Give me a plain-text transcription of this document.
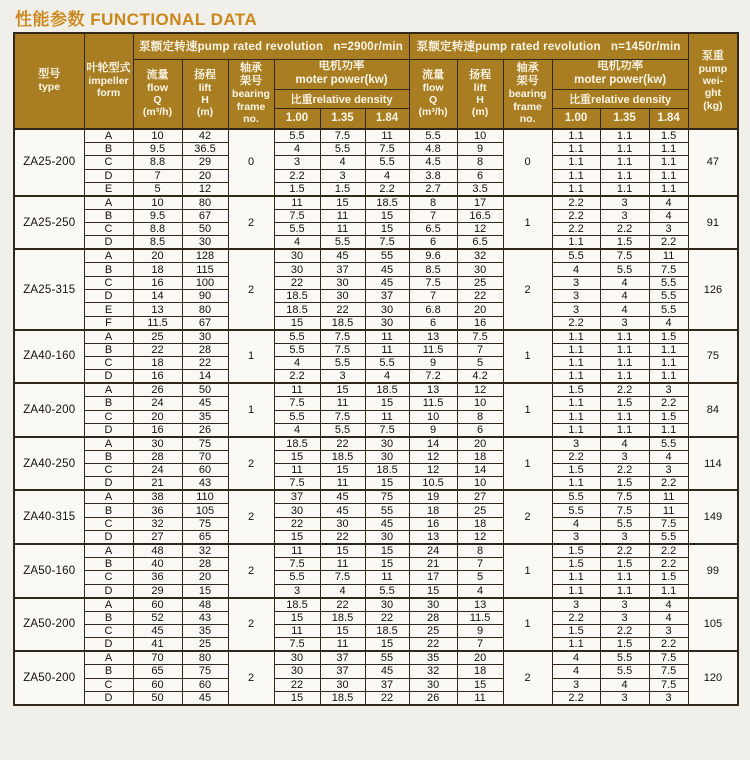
性能参数 FUNCTIONAL DATA
型号
type	叶轮型式
impeller
form	泵额定转速pump rated revolution   n=2900r/min						泵额定转速pump rated revolution   n=1450r/min						泵重
pump
wei-
ght
(kg)

		流量
flow
Q
(m³/h)	扬程
lift
H
(m)	轴承
架号
bearing
frame
no.	电机功率
moter power(kw)			流量
flow
Q
(m³/h)	扬程
lift
H
(m)	轴承
架号
bearing
frame
no.	电机功率
moter power(kw)			

					比重relative density						比重relative density			
					1.00	1.35	1.84				1.00	1.35	1.84	
ZA25-200	A	10	42	0	5.5	7.5	11	5.5	10	0	1.1	1.1	1.5	47
	B	9.5	36.5		4	5.5	7.5	4.8	9		1.1	1.1	1.1	
	C	8.8	29		3	4	5.5	4.5	8		1.1	1.1	1.1	
	D	7	20		2.2	3	4	3.8	6		1.1	1.1	1.1	
	E	5	12		1.5	1.5	2.2	2.7	3.5		1.1	1.1	1.1	
ZA25-250	A	10	80	2	11	15	18.5	8	17	1	2.2	3	4	91
	B	9.5	67		7.5	11	15	7	16.5		2.2	3	4	
	C	8.8	50		5.5	11	15	6.5	12		2.2	2.2	3	
	D	8.5	30		4	5.5	7.5	6	6.5		1.1	1.5	2.2	
ZA25-315	A	20	128	2	30	45	55	9.6	32	2	5.5	7.5	11	126
	B	18	115		30	37	45	8.5	30		4	5.5	7.5	
	C	16	100		22	30	45	7.5	25		3	4	5.5	
	D	14	90		18.5	30	37	7	22		3	4	5.5	
	E	13	80		18.5	22	30	6.8	20		3	4	5.5	
	F	11.5	67		15	18.5	30	6	16		2.2	3	4	
ZA40-160	A	25	30	1	5.5	7.5	11	13	7.5	1	1.1	1.1	1.5	75
	B	22	28		5.5	7.5	11	11.5	7		1.1	1.1	1.1	
	C	18	22		4	5.5	5.5	9	5		1.1	1.1	1.1	
	D	16	14		2.2	3	4	7.2	4.2		1.1	1.1	1.1	
ZA40-200	A	26	50	1	11	15	18.5	13	12	1	1.5	2.2	3	84
	B	24	45		7.5	11	15	11.5	10		1.1	1.5	2.2	
	C	20	35		5.5	7.5	11	10	8		1.1	1.1	1.5	
	D	16	26		4	5.5	7.5	9	6		1.1	1.1	1.1	
ZA40-250	A	30	75	2	18.5	22	30	14	20	1	3	4	5.5	114
	B	28	70		15	18.5	30	12	18		2.2	3	4	
	C	24	60		11	15	18.5	12	14		1.5	2.2	3	
	D	21	43		7.5	11	15	10.5	10		1.1	1.5	2.2	
ZA40-315	A	38	110	2	37	45	75	19	27	2	5.5	7.5	11	149
	B	36	105		30	45	55	18	25		5.5	7.5	11	
	C	32	75		22	30	45	16	18		4	5.5	7.5	
	D	27	65		15	22	30	13	12		3	3	5.5	
ZA50-160	A	48	32	2	11	15	15	24	8	1	1.5	2.2	2.2	99
	B	40	28		7.5	11	15	21	7		1.5	1.5	2.2	
	C	36	20		5.5	7.5	11	17	5		1.1	1.1	1.5	
	D	29	15		3	4	5.5	15	4		1.1	1.1	1.1	
ZA50-200	A	60	48	2	18.5	22	30	30	13	1	3	3	4	105
	B	52	43		15	18.5	22	28	11.5		2.2	3	4	
	C	45	35		11	15	18.5	25	9		1.5	2.2	3	
	D	41	25		7.5	11	15	22	7		1.1	1.5	2.2	
ZA50-200	A	70	80	2	30	37	55	35	20	2	4	5.5	7.5	120
	B	65	75		30	37	45	32	18		4	5.5	7.5	
	C	60	60		22	30	37	30	15		3	4	7.5	
	D	50	45		15	18.5	22	26	11		2.2	3	3	
